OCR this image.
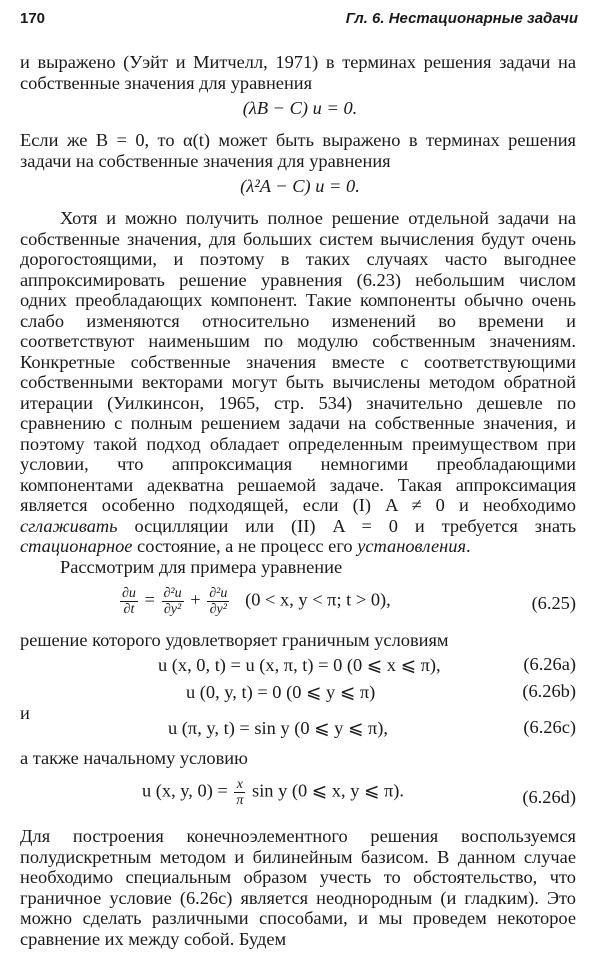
170	Гл. 6. Нестационарные задачи
и выражено (Уэйт и Митчелл, 1971) в терминах решения задачи на собственные значения для уравнения
(λB − C) u = 0.
Если же B = 0, то α(t) может быть выражено в терминах решения задачи на собственные значения для уравнения
(λ²A − C) u = 0.
Хотя и можно получить полное решение отдельной задачи на собственные значения, для больших систем вычисления будут очень дорогостоящими, и поэтому в таких случаях часто выгоднее аппроксимировать решение уравнения (6.23) небольшим числом одних преобладающих компонент. Такие компоненты обычно очень слабо изменяются относительно изменений во времени и соответствуют наименьшим по модулю собственным значениям. Конкретные собственные значения вместе с соответствующими собственными векторами могут быть вычислены методом обратной итерации (Уилкинсон, 1965, стр. 534) значительно дешевле по сравнению с полным решением задачи на собственные значения, и поэтому такой подход обладает определенным преимуществом при условии, что аппроксимация немногими преобладающими компонентами адекватна решаемой задаче. Такая аппроксимация является особенно подходящей, если (I) A ≠ 0 и необходимо сглаживать осцилляции или (II) A = 0 и требуется знать стационарное состояние, а не процесс его установления.
Рассмотрим для примера уравнение
$\frac{\partial u}{\partial t} = \frac{\text{∂²u}}{\text{∂y²}} + \frac{\text{∂²u}}{\text{∂y²}} (0 < x$, y < π; t > 0),	(6.25)
решение которого удовлетворяет граничным условиям
u (x, 0, t) = u (x, π, t) = 0 (0 ⩽ x ⩽ π),	(6.26a)
u (0, y, t) = 0 (0 ⩽ y ⩽ π)	(6.26b)
и
u (π, y, t) = sin y (0 ⩽ y ⩽ π),	(6.26c)
а также начальному условию
u (x, y, $0) = \frac{x}{\pi}$ sin y (0 ⩽ x, y ⩽ π).	(6.26d)
Для построения конечноэлементного решения воспользуемся полудискретным методом и билинейным базисом. В данном случае необходимо специальным образом учесть то обстоятельство, что граничное условие (6.26c) является неоднородным (и гладким). Это можно сделать различными способами, и мы проведем некоторое сравнение их между собой. Будем
